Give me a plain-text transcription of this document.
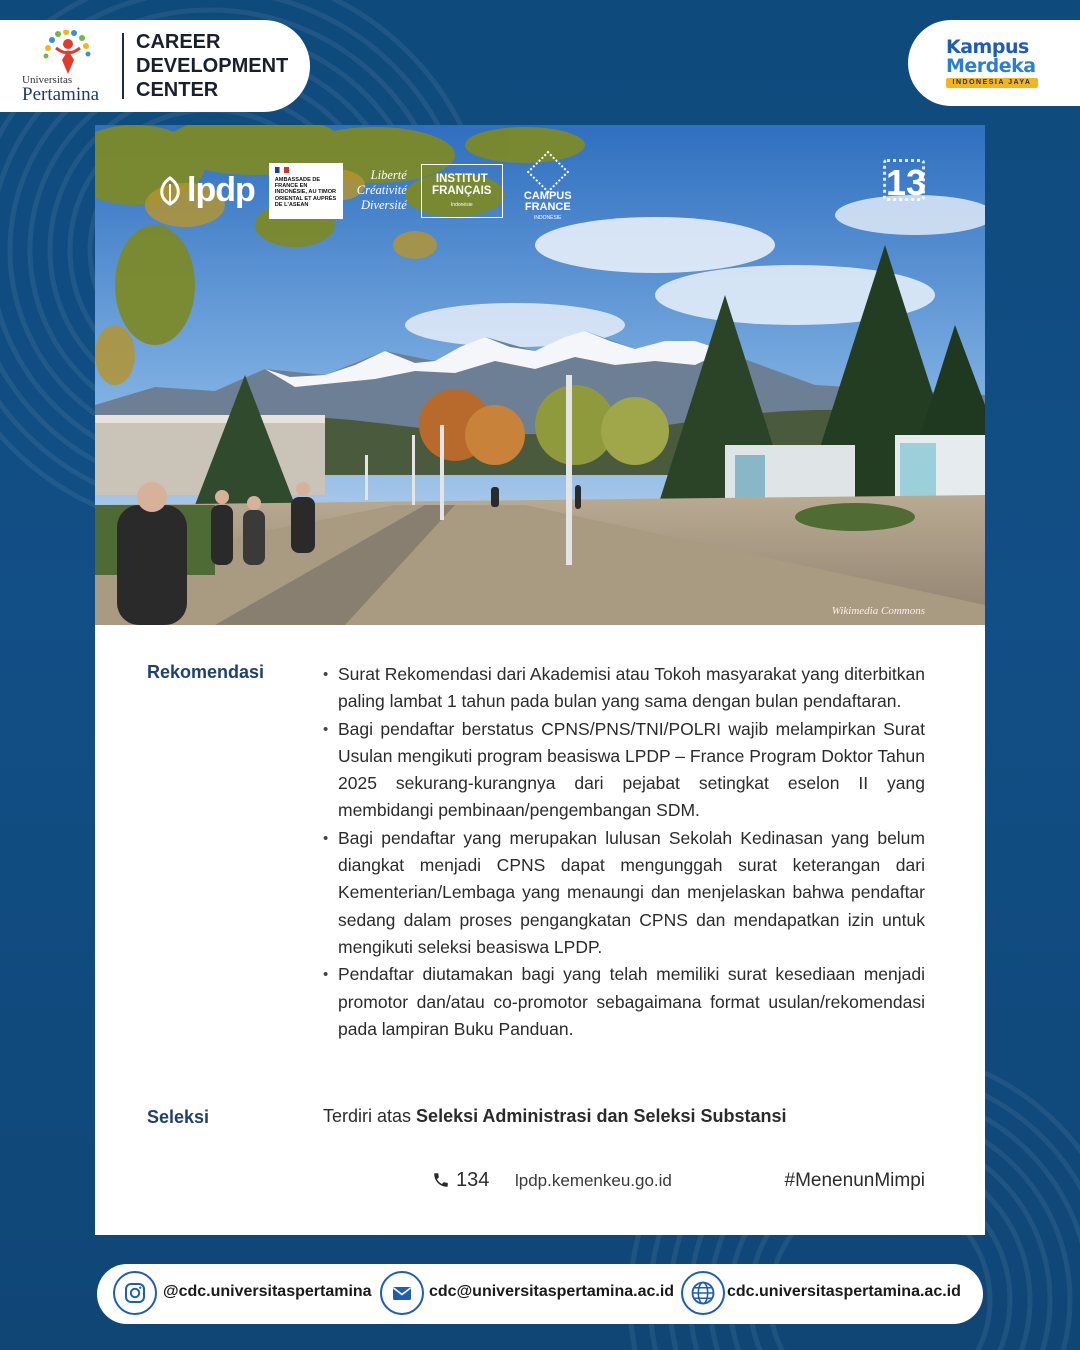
Universitas
Pertamina
CAREER
DEVELOPMENT
CENTER
Kampus
Merdeka
INDONESIA JAYA
lpdp	AMBASSADE DE FRANCE EN INDONÉSIE, AU TIMOR ORIENTAL ET AUPRÈS DE L'ASEAN
Liberté
Créativité
Diversité
INSTITUT
FRANÇAIS
Indonésie
CAMPUS
FRANCE
INDONÉSIE
13
Wikimedia Commons
Rekomendasi
•	Surat Rekomendasi dari Akademisi atau Tokoh masyarakat yang diterbitkan paling lambat 1 tahun pada bulan yang sama dengan bulan pendaftaran.
• Bagi pendaftar berstatus CPNS/PNS/TNI/POLRI wajib melampirkan Surat Usulan mengikuti program beasiswa LPDP – France Program Doktor Tahun 2025 sekurang-kurangnya dari pejabat setingkat eselon II yang membidangi pembinaan/pengembangan SDM.
• Bagi pendaftar yang merupakan lulusan Sekolah Kedinasan yang belum diangkat menjadi CPNS dapat mengunggah surat keterangan dari Kementerian/Lembaga yang menaungi dan menjelaskan bahwa pendaftar sedang dalam proses pengangkatan CPNS dan mendapatkan izin untuk mengikuti seleksi beasiswa LPDP.
• Pendaftar diutamakan bagi yang telah memiliki surat kesediaan menjadi promotor dan/atau co-promotor sebagaimana format usulan/rekomendasi pada lampiran Buku Panduan.
Seleksi	Terdiri atas Seleksi Administrasi dan Seleksi Substansi
134 lpdp.kemenkeu.go.id	#MenenunMimpi
@cdc.universitaspertamina	cdc@universitaspertamina.ac.id	cdc.universitaspertamina.ac.id
